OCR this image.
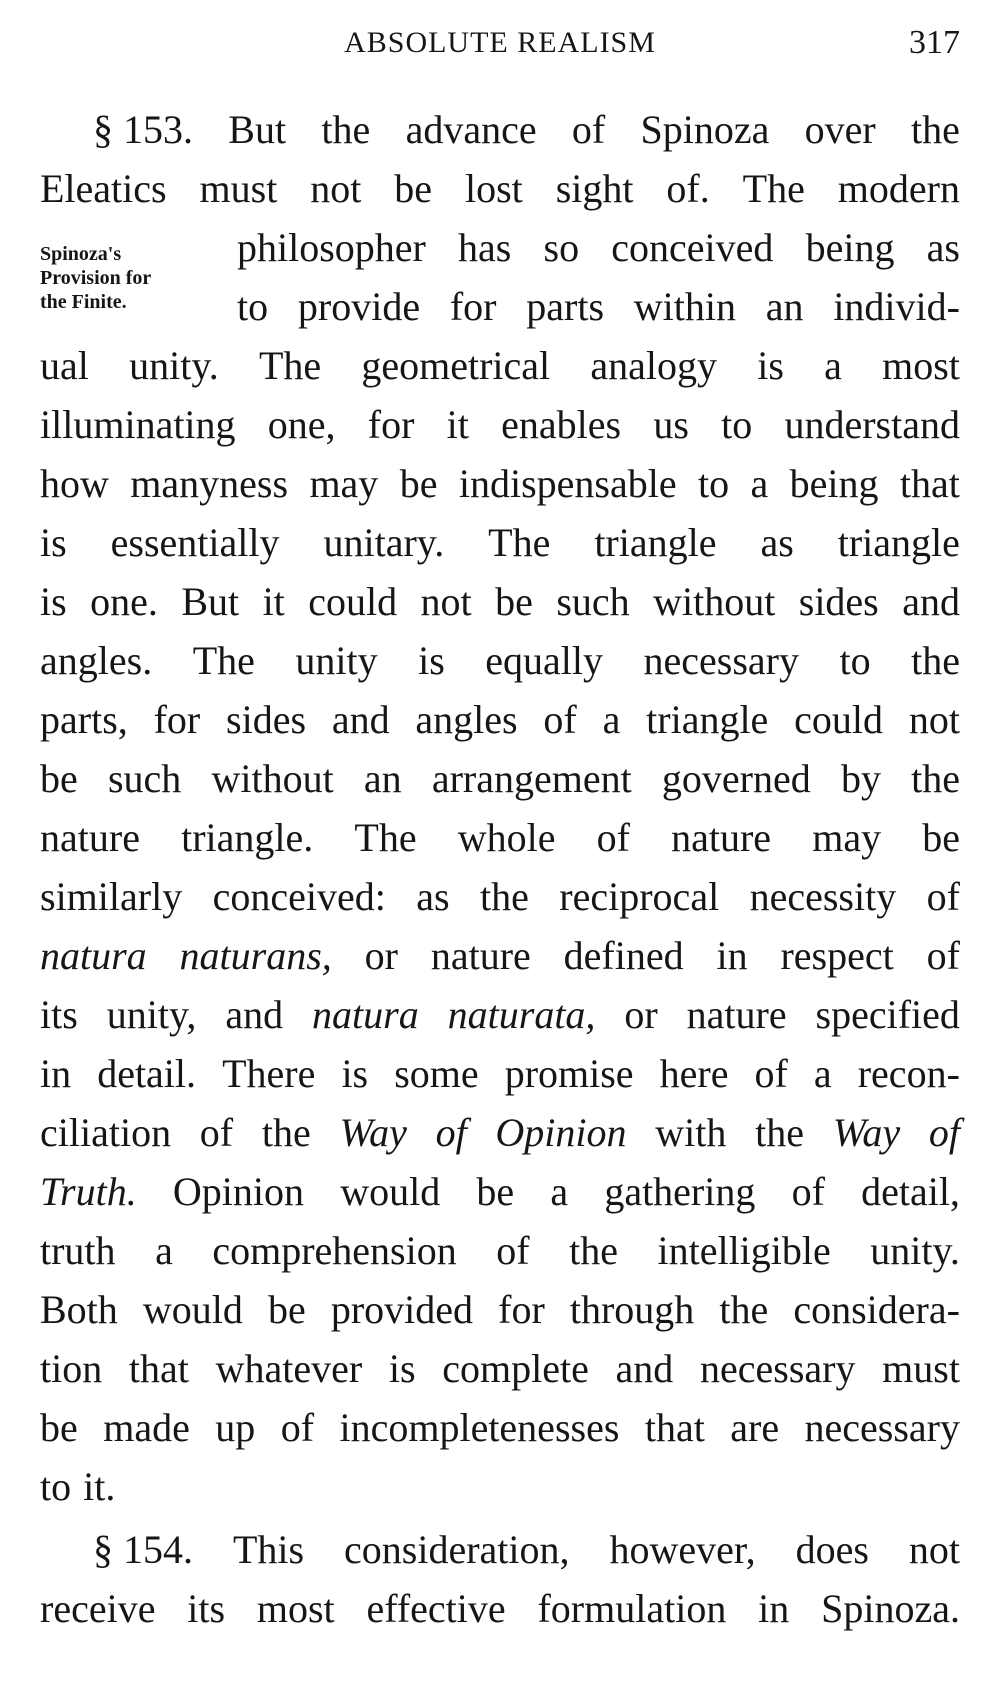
ABSOLUTE REALISM	317
Spinoza's
Provision for
the Finite.
§ 153. But the advance of Spinoza over the
Eleatics must not be lost sight of. The modern
philosopher has so conceived being as
to provide for parts within an individ-
ual unity. The geometrical analogy is a most
illuminating one, for it enables us to understand
how manyness may be indispensable to a being that
is essentially unitary. The triangle as triangle
is one. But it could not be such without sides and
angles. The unity is equally necessary to the
parts, for sides and angles of a triangle could not
be such without an arrangement governed by the
nature triangle. The whole of nature may be
similarly conceived: as the reciprocal necessity of
natura naturans, or nature defined in respect of
its unity, and natura naturata, or nature specified
in detail. There is some promise here of a recon-
ciliation of the Way of Opinion with the Way of
Truth. Opinion would be a gathering of detail,
truth a comprehension of the intelligible unity.
Both would be provided for through the considera-
tion that whatever is complete and necessary must
be made up of incompletenesses that are necessary
to it.
§ 154. This consideration, however, does not
receive its most effective formulation in Spinoza.
